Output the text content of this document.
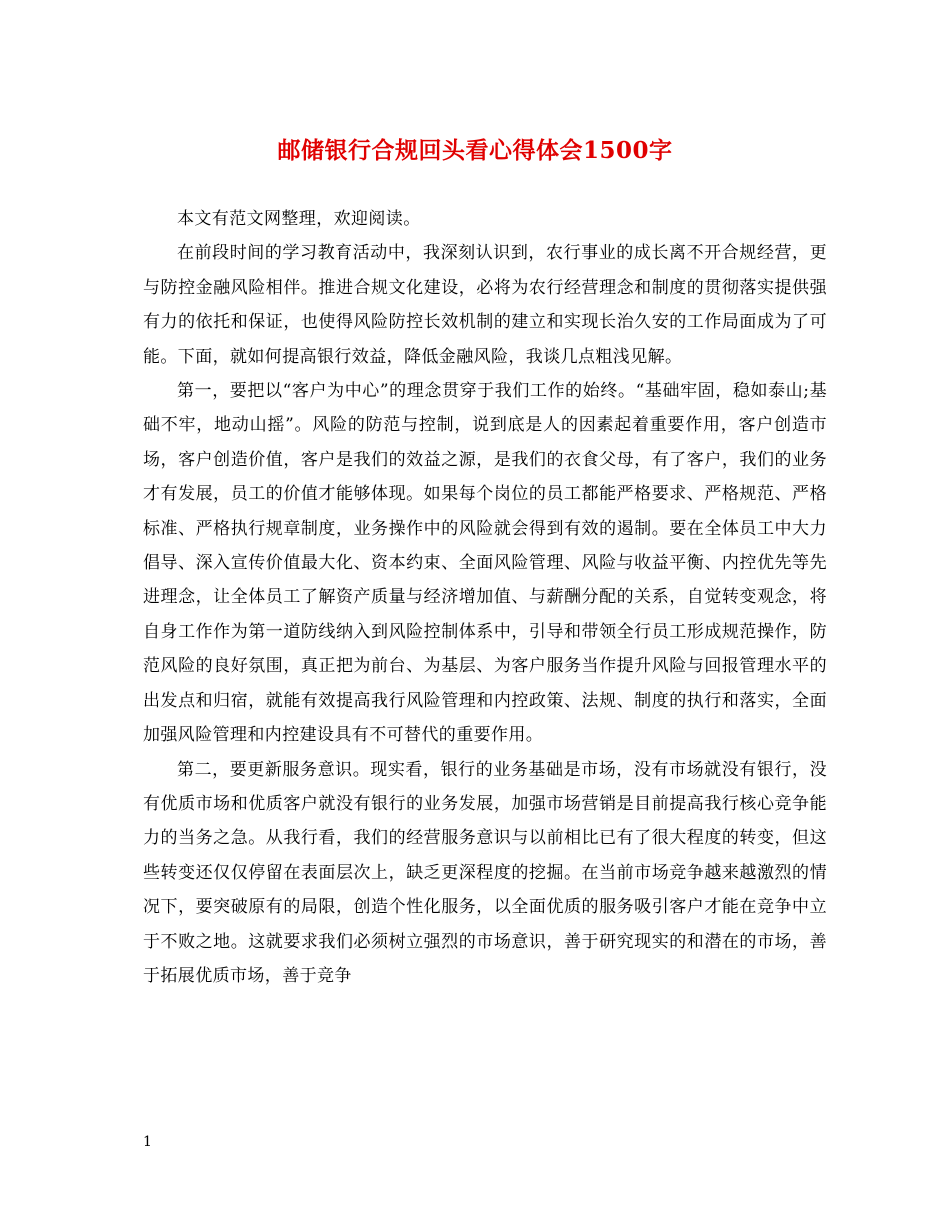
邮储银行合规回头看心得体会1500字

本文有范文网整理，欢迎阅读。

在前段时间的学习教育活动中，我深刻认识到，农行事业的成长离不开合规经营，更与防控金融风险相伴。推进合规文化建设，必将为农行经营理念和制度的贯彻落实提供强有力的依托和保证，也使得风险防控长效机制的建立和实现长治久安的工作局面成为了可能。下面，就如何提高银行效益，降低金融风险，我谈几点粗浅见解。

第一，要把以“客户为中心”的理念贯穿于我们工作的始终。“基础牢固，稳如泰山;基础不牢，地动山摇”。风险的防范与控制，说到底是人的因素起着重要作用，客户创造市场，客户创造价值，客户是我们的效益之源，是我们的衣食父母，有了客户，我们的业务才有发展，员工的价值才能够体现。如果每个岗位的员工都能严格要求、严格规范、严格标准、严格执行规章制度，业务操作中的风险就会得到有效的遏制。要在全体员工中大力倡导、深入宣传价值最大化、资本约束、全面风险管理、风险与收益平衡、内控优先等先进理念，让全体员工了解资产质量与经济增加值、与薪酬分配的关系，自觉转变观念，将自身工作作为第一道防线纳入到风险控制体系中，引导和带领全行员工形成规范操作，防范风险的良好氛围，真正把为前台、为基层、为客户服务当作提升风险与回报管理水平的出发点和归宿，就能有效提高我行风险管理和内控政策、法规、制度的执行和落实，全面加强风险管理和内控建设具有不可替代的重要作用。

第二，要更新服务意识。现实看，银行的业务基础是市场，没有市场就没有银行，没有优质市场和优质客户就没有银行的业务发展，加强市场营销是目前提高我行核心竞争能力的当务之急。从我行看，我们的经营服务意识与以前相比已有了很大程度的转变，但这些转变还仅仅停留在表面层次上，缺乏更深程度的挖掘。在当前市场竞争越来越激烈的情况下，要突破原有的局限，创造个性化服务，以全面优质的服务吸引客户才能在竞争中立于不败之地。这就要求我们必须树立强烈的市场意识，善于研究现实的和潜在的市场，善于拓展优质市场，善于竞争

1
